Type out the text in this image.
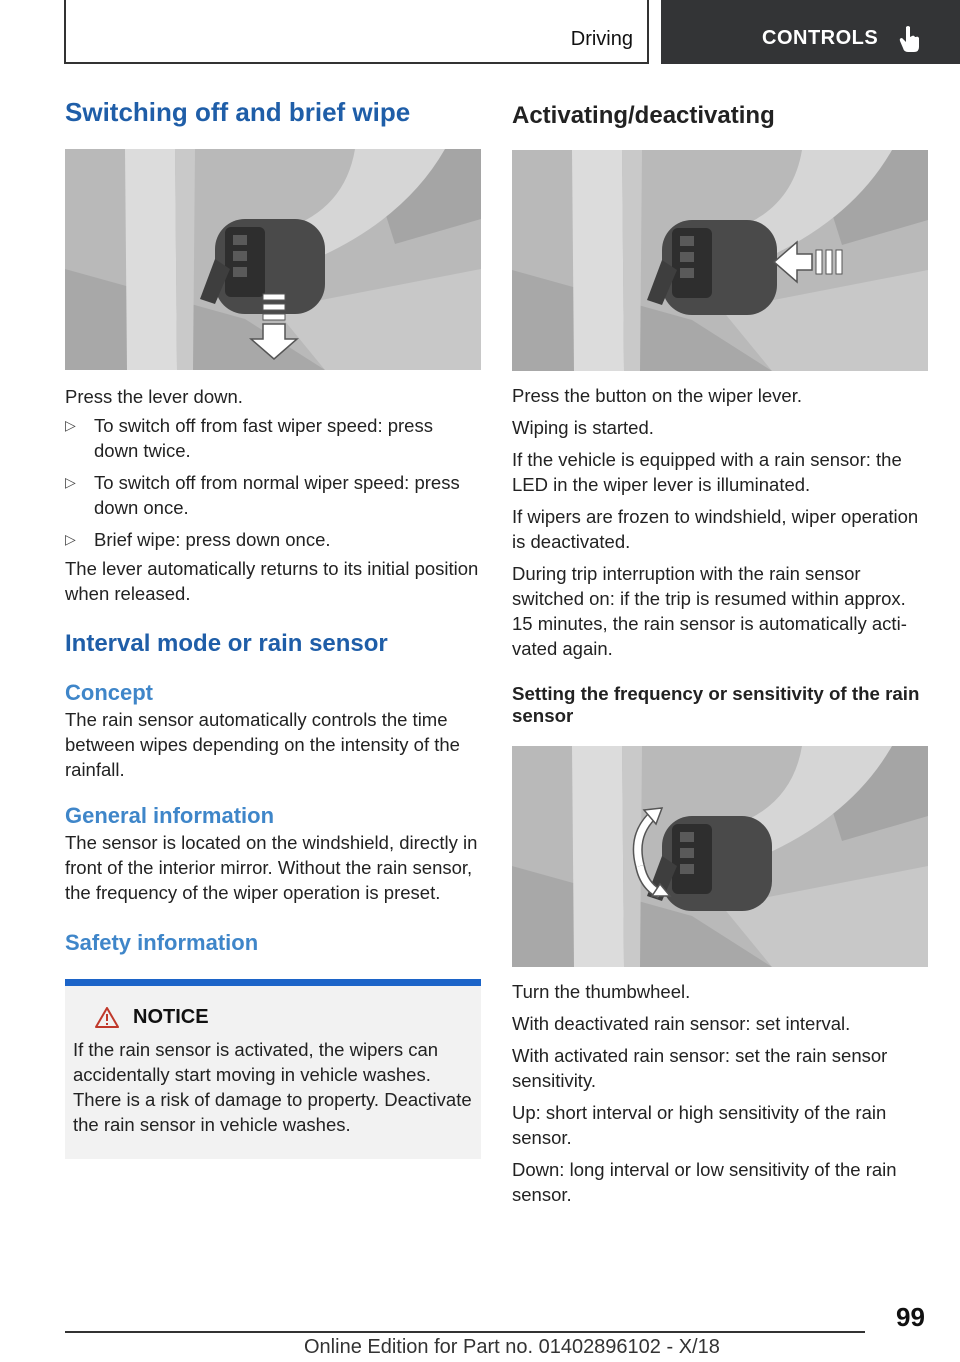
Driving	CONTROLS
Switching off and brief wipe

Press the lever down.

▷ To switch off from fast wiper speed: press down twice.
▷ To switch off from normal wiper speed: press down once.
▷ Brief wipe: press down once.

The lever automatically returns to its initial position when released.

Interval mode or rain sensor
Concept

The rain sensor automatically controls the time between wipes depending on the intensity of the rainfall.

General information

The sensor is located on the windshield, directly in front of the interior mirror. Without the rain sensor, the frequency of the wiper operation is preset.

Safety information
NOTICE

If the rain sensor is activated, the wipers can accidentally start moving in vehicle washes. There is a risk of damage to property. Deactivate the rain sensor in vehicle washes.

Activating/deactivating

Press the button on the wiper lever.

Wiping is started.

If the vehicle is equipped with a rain sensor: the LED in the wiper lever is illuminated.

If wipers are frozen to windshield, wiper operation is deactivated.

During trip interruption with the rain sensor switched on: if the trip is resumed within approx. 15 minutes, the rain sensor is automatically activated again.

Setting the frequency or sensitivity of the rain sensor

Turn the thumbwheel.

With deactivated rain sensor: set interval.

With activated rain sensor: set the rain sensor sensitivity.

Up: short interval or high sensitivity of the rain sensor.

Down: long interval or low sensitivity of the rain sensor.

99
Online Edition for Part no. 01402896102 - X/18
